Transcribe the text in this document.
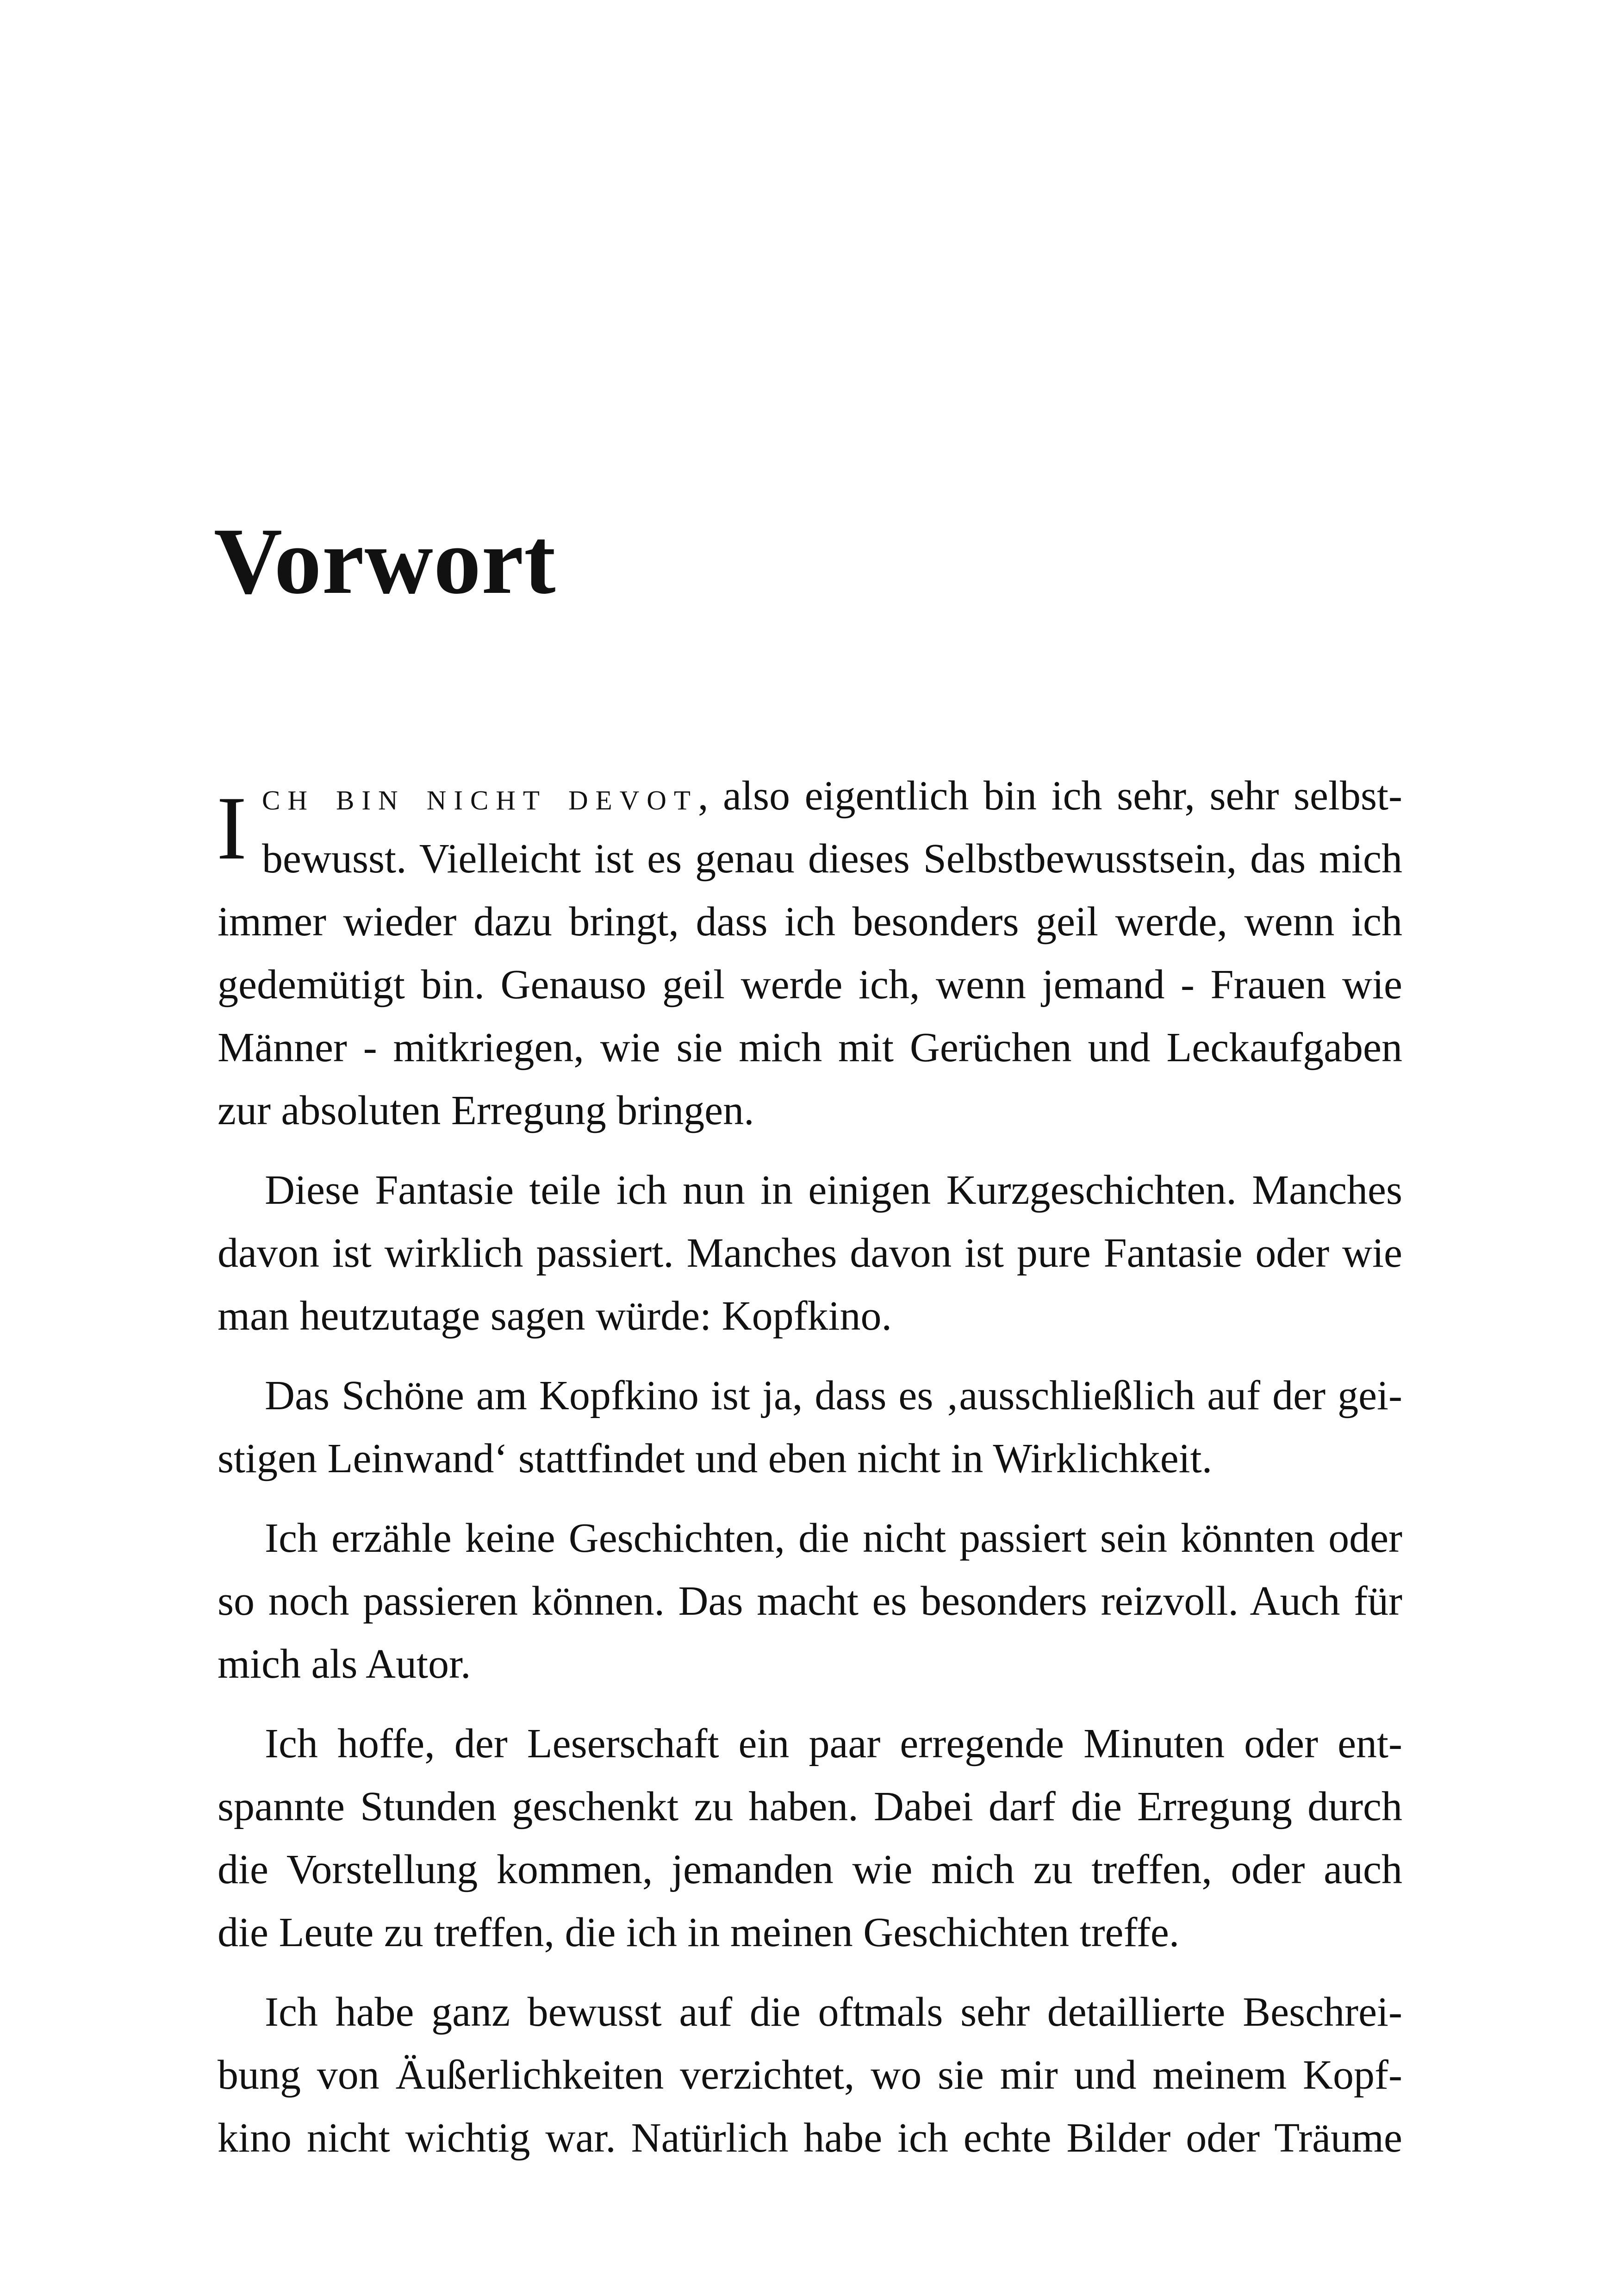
Vorwort
I ch bin nicht devot, also eigentlich bin ich sehr, sehr selbst-
bewusst. Vielleicht ist es genau dieses Selbstbewusstsein, das mich
immer wieder dazu bringt, dass ich besonders geil werde, wenn ich
gedemütigt bin. Genauso geil werde ich, wenn jemand - Frauen wie
Männer - mitkriegen, wie sie mich mit Gerüchen und Leckaufgaben
zur absoluten Erregung bringen.
Diese Fantasie teile ich nun in einigen Kurzgeschichten. Manches
davon ist wirklich passiert. Manches davon ist pure Fantasie oder wie
man heutzutage sagen würde: Kopfkino.
Das Schöne am Kopfkino ist ja, dass es ‚ausschließlich auf der gei-
stigen Leinwand‘ stattfindet und eben nicht in Wirklichkeit.
Ich erzähle keine Geschichten, die nicht passiert sein könnten oder
so noch passieren können. Das macht es besonders reizvoll. Auch für
mich als Autor.
Ich hoffe, der Leserschaft ein paar erregende Minuten oder ent-
spannte Stunden geschenkt zu haben. Dabei darf die Erregung durch
die Vorstellung kommen, jemanden wie mich zu treffen, oder auch
die Leute zu treffen, die ich in meinen Geschichten treffe.
Ich habe ganz bewusst auf die oftmals sehr detaillierte Beschrei-
bung von Äußerlichkeiten verzichtet, wo sie mir und meinem Kopf-
kino nicht wichtig war. Natürlich habe ich echte Bilder oder Träume
